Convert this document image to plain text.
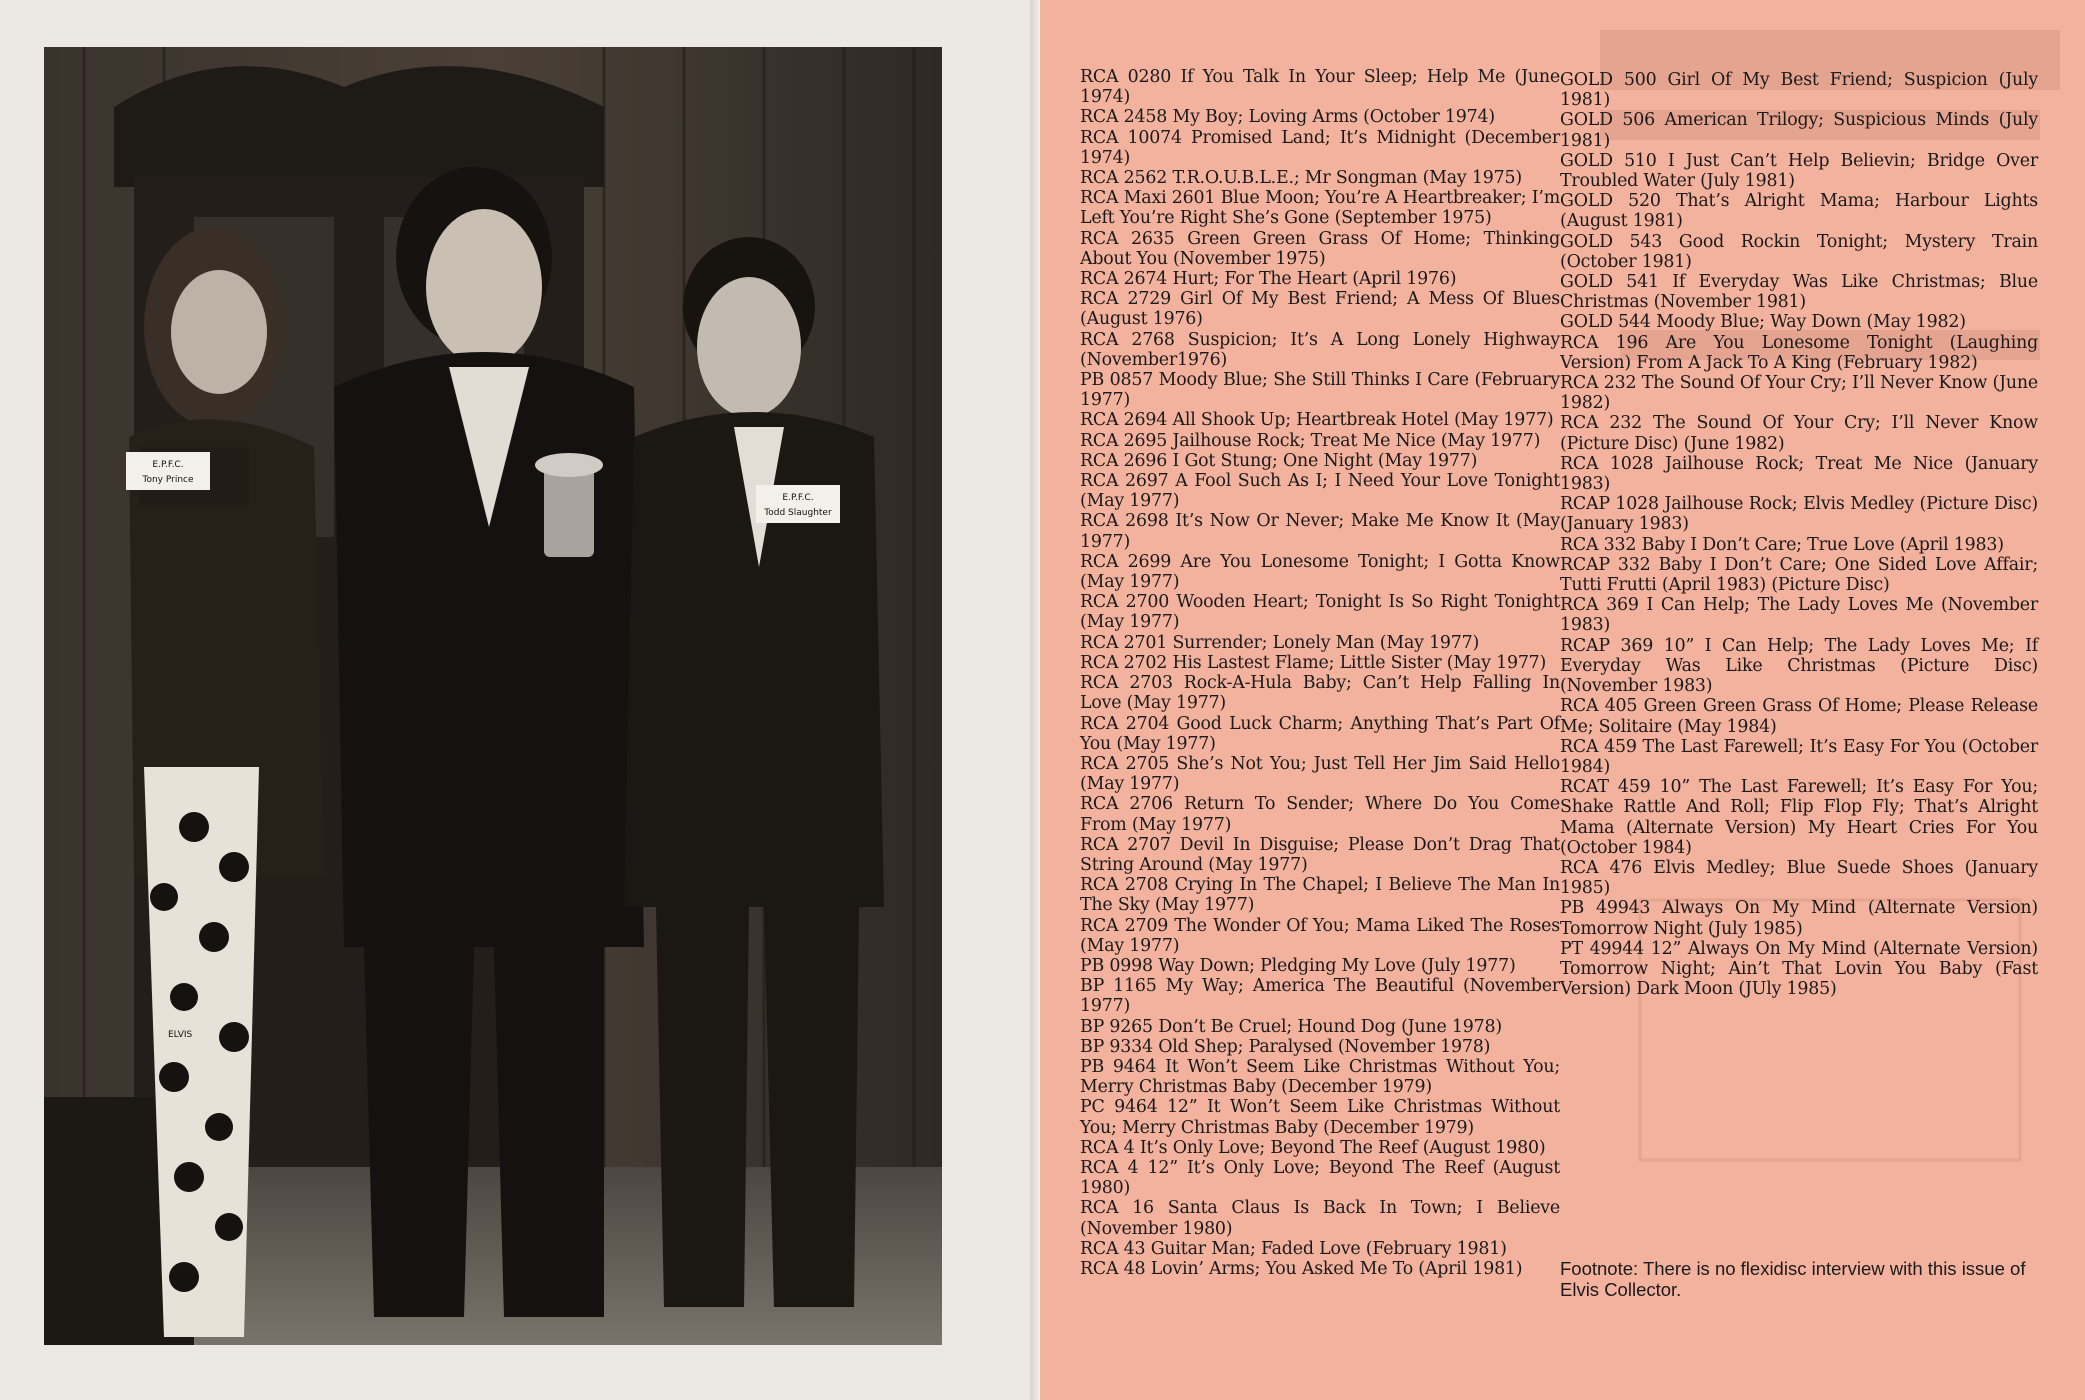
E.P.F.C.
Tony Prince
E.P.F.C.
Todd Slaughter
ELVIS

RCA 0280 If You Talk In Your Sleep; Help Me (June 1974)

RCA 2458 My Boy; Loving Arms (October 1974)

RCA 10074 Promised Land; It’s Midnight (December 1974)

RCA 2562 T.R.O.U.B.L.E.; Mr Songman (May 1975)

RCA Maxi 2601 Blue Moon; You’re A Heartbreaker; I’m Left You’re Right She’s Gone (September 1975)

RCA 2635 Green Green Grass Of Home; Thinking About You (November 1975)

RCA 2674 Hurt; For The Heart (April 1976)

RCA 2729 Girl Of My Best Friend; A Mess Of Blues (August 1976)

RCA 2768 Suspicion; It’s A Long Lonely Highway (November1976)

PB 0857 Moody Blue; She Still Thinks I Care (February 1977)

RCA 2694 All Shook Up; Heartbreak Hotel (May 1977)

RCA 2695 Jailhouse Rock; Treat Me Nice (May 1977)

RCA 2696 I Got Stung; One Night (May 1977)

RCA 2697 A Fool Such As I; I Need Your Love Tonight (May 1977)

RCA 2698 It’s Now Or Never; Make Me Know It (May 1977)

RCA 2699 Are You Lonesome Tonight; I Gotta Know (May 1977)

RCA 2700 Wooden Heart; Tonight Is So Right Tonight (May 1977)

RCA 2701 Surrender; Lonely Man (May 1977)

RCA 2702 His Lastest Flame; Little Sister (May 1977)

RCA 2703 Rock-A-Hula Baby; Can’t Help Falling In Love (May 1977)

RCA 2704 Good Luck Charm; Anything That’s Part Of You (May 1977)

RCA 2705 She’s Not You; Just Tell Her Jim Said Hello (May 1977)

RCA 2706 Return To Sender; Where Do You Come From (May 1977)

RCA 2707 Devil In Disguise; Please Don’t Drag That String Around (May 1977)

RCA 2708 Crying In The Chapel; I Believe The Man In The Sky (May 1977)

RCA 2709 The Wonder Of You; Mama Liked The Roses (May 1977)

PB 0998 Way Down; Pledging My Love (July 1977)

BP 1165 My Way; America The Beautiful (November 1977)

BP 9265 Don’t Be Cruel; Hound Dog (June 1978)

BP 9334 Old Shep; Paralysed (November 1978)

PB 9464 It Won’t Seem Like Christmas Without You; Merry Christmas Baby (December 1979)

PC 9464 12” It Won’t Seem Like Christmas Without You; Merry Christmas Baby (December 1979)

RCA 4 It’s Only Love; Beyond The Reef (August 1980)

RCA 4 12” It’s Only Love; Beyond The Reef (August 1980)

RCA 16 Santa Claus Is Back In Town; I Believe (November 1980)

RCA 43 Guitar Man; Faded Love (February 1981)

RCA 48 Lovin’ Arms; You Asked Me To (April 1981)

GOLD 500 Girl Of My Best Friend; Suspicion (July 1981)

GOLD 506 American Trilogy; Suspicious Minds (July 1981)

GOLD 510 I Just Can’t Help Believin; Bridge Over Troubled Water (July 1981)

GOLD 520 That’s Alright Mama; Harbour Lights (August 1981)

GOLD 543 Good Rockin Tonight; Mystery Train (October 1981)

GOLD 541 If Everyday Was Like Christmas; Blue Christmas (November 1981)

GOLD 544 Moody Blue; Way Down (May 1982)

RCA 196 Are You Lonesome Tonight (Laughing Version) From A Jack To A King (February 1982)

RCA 232 The Sound Of Your Cry; I’ll Never Know (June 1982)

RCA 232 The Sound Of Your Cry; I’ll Never Know (Picture Disc) (June 1982)

RCA 1028 Jailhouse Rock; Treat Me Nice (January 1983)

RCAP 1028 Jailhouse Rock; Elvis Medley (Picture Disc) (January 1983)

RCA 332 Baby I Don’t Care; True Love (April 1983)

RCAP 332 Baby I Don’t Care; One Sided Love Affair; Tutti Frutti (April 1983) (Picture Disc)

RCA 369 I Can Help; The Lady Loves Me (November 1983)

RCAP 369 10” I Can Help; The Lady Loves Me; If Everyday Was Like Christmas (Picture Disc) (November 1983)

RCA 405 Green Green Grass Of Home; Please Release Me; Solitaire (May 1984)

RCA 459 The Last Farewell; It’s Easy For You (October 1984)

RCAT 459 10” The Last Farewell; It’s Easy For You; Shake Rattle And Roll; Flip Flop Fly; That’s Alright Mama (Alternate Version) My Heart Cries For You (October 1984)

RCA 476 Elvis Medley; Blue Suede Shoes (January 1985)

PB 49943 Always On My Mind (Alternate Version) Tomorrow Night (July 1985)

PT 49944 12” Always On My Mind (Alternate Version) Tomorrow Night; Ain’t That Lovin You Baby (Fast Version) Dark Moon (JUly 1985)

Footnote: There is no flexidisc interview with this issue of Elvis Collector.
